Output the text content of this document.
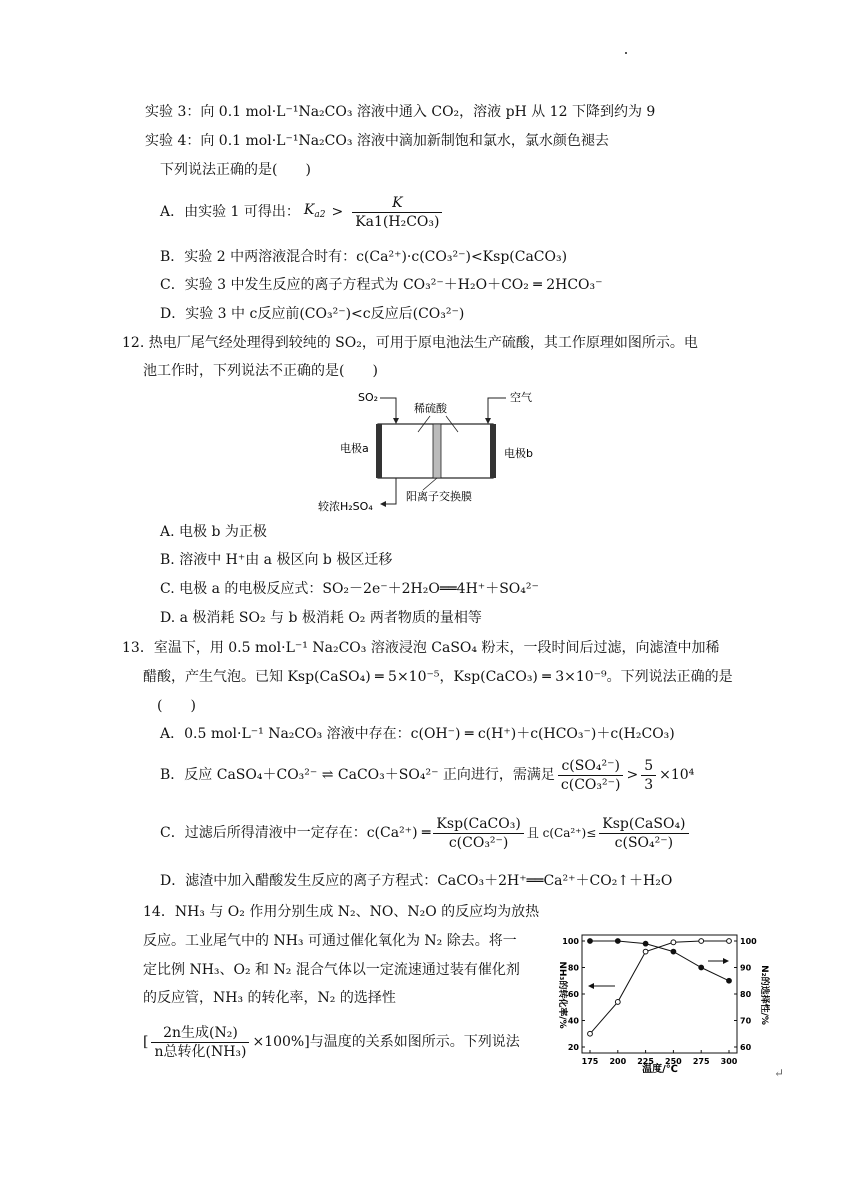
实验 3：向 0.1 mol·L⁻¹Na₂CO₃ 溶液中通入 CO₂，溶液 pH 从 12 下降到约为 9
实验 4：向 0.1 mol·L⁻¹Na₂CO₃ 溶液中滴加新制饱和氯水，氯水颜色褪去
下列说法正确的是(　　)
A．由实验 1 可得出： $K_{a2} > \frac{K}{\text{Ka1(H₂CO₃)}}$
B．实验 2 中两溶液混合时有：c(Ca²⁺)·c(CO₃²⁻)<Ksp(CaCO₃)
C．实验 3 中发生反应的离子方程式为 CO₃²⁻＋H₂O＋CO₂ ═ 2HCO₃⁻
D．实验 3 中 c反应前(CO₃²⁻)<c反应后(CO₃²⁻)
12. 热电厂尾气经处理得到较纯的 SO₂，可用于原电池法生产硫酸，其工作原理如图所示。电
池工作时，下列说法不正确的是(　　)
SO₂
稀硫酸
空气
电极a	电极b
较浓H₂SO₄
阳离子交换膜
A. 电极 b 为正极
B. 溶液中 H⁺由 a 极区向 b 极区迁移
C. 电极 a 的电极反应式：SO₂－2e⁻＋2H₂O══4H⁺＋SO₄²⁻
D. a 极消耗 SO₂ 与 b 极消耗 O₂ 两者物质的量相等
13．室温下，用 0.5 mol·L⁻¹ Na₂CO₃ 溶液浸泡 CaSO₄ 粉末，一段时间后过滤，向滤渣中加稀
醋酸，产生气泡。已知 Ksp(CaSO₄) ═ 5×10⁻⁵，Ksp(CaCO₃) ═ 3×10⁻⁹。下列说法正确的是
(　　)
A．0.5 mol·L⁻¹ Na₂CO₃ 溶液中存在：c(OH⁻) ═ c(H⁺)＋c(HCO₃⁻)＋c(H₂CO₃)
B．反应 CaSO₄＋CO₃²⁻ ⇌ CaCO₃＋SO₄²⁻ 正向进行，需满足 $\frac{\text{c(SO₄²⁻)}}{\text{c(CO₃²⁻)}} > \frac{5}{3} \times 10^4$
C．过滤后所得清液中一定存在：c(Ca²⁺) ═ $\frac{\text{Ksp(CaCO₃)}}{\text{c(CO₃²⁻)}}$ 且 $c(Ca^{2+})\le \frac{\text{Ksp(CaSO₄)}}{\text{c(SO₄²⁻)}}$
D．滤渣中加入醋酸发生反应的离子方程式：CaCO₃＋2H⁺══Ca²⁺＋CO₂↑＋H₂O
14．NH₃ 与 O₂ 作用分别生成 N₂、NO、N₂O 的反应均为放热
反应。工业尾气中的 NH₃ 可通过催化氧化为 N₂ 除去。将一
定比例 NH₃、O₂ 和 N₂ 混合气体以一定流速通过装有催化剂
的反应管，NH₃ 的转化率，N₂ 的选择性
[ $\frac{\text{2n生成(N₂)}}{\text{n总转化(NH₃)}} \times 100\%$]与温度的关系如图所示。下列说法
175 200 225 250 275 300
20
40
60
80
100
60
70
80
90
100
NH₃的转化率/%	N₂的选择性/%
温度/℃	↵
